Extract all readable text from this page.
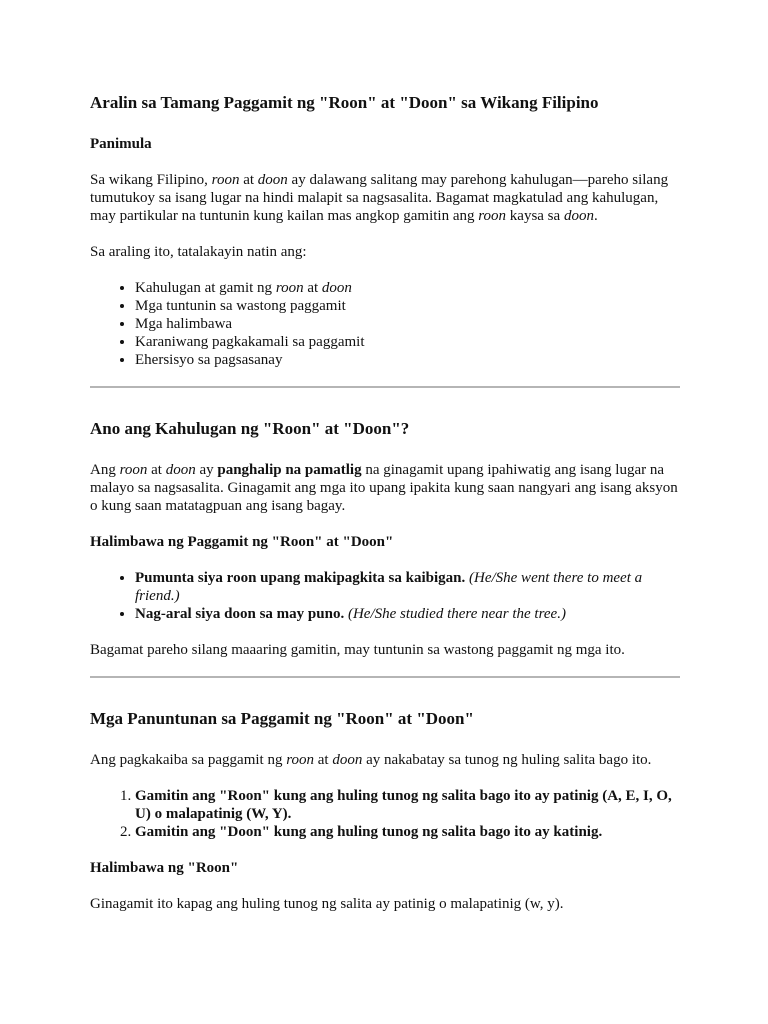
Aralin sa Tamang Paggamit ng "Roon" at "Doon" sa Wikang Filipino
Panimula

Sa wikang Filipino, roon at doon ay dalawang salitang may parehong kahulugan—pareho silang tumutukoy sa isang lugar na hindi malapit sa nagsasalita. Bagamat magkatulad ang kahulugan, may partikular na tuntunin kung kailan mas angkop gamitin ang roon kaysa sa doon.

Sa araling ito, tatalakayin natin ang:

• Kahulugan at gamit ng roon at doon
• Mga tuntunin sa wastong paggamit
• Mga halimbawa
• Karaniwang pagkakamali sa paggamit
• Ehersisyo sa pagsasanay
Ano ang Kahulugan ng "Roon" at "Doon"?

Ang roon at doon ay panghalip na pamatlig na ginagamit upang ipahiwatig ang isang lugar na malayo sa nagsasalita. Ginagamit ang mga ito upang ipakita kung saan nangyari ang isang aksyon o kung saan matatagpuan ang isang bagay.

Halimbawa ng Paggamit ng "Roon" at "Doon"
• Pumunta siya roon upang makipagkita sa kaibigan. (He/She went there to meet a friend.)
• Nag-aral siya doon sa may puno. (He/She studied there near the tree.)

Bagamat pareho silang maaaring gamitin, may tuntunin sa wastong paggamit ng mga ito.

Mga Panuntunan sa Paggamit ng "Roon" at "Doon"

Ang pagkakaiba sa paggamit ng roon at doon ay nakabatay sa tunog ng huling salita bago ito.

1. Gamitin ang "Roon" kung ang huling tunog ng salita bago ito ay patinig (A, E, I, O, U) o malapatinig (W, Y).
2. Gamitin ang "Doon" kung ang huling tunog ng salita bago ito ay katinig.
Halimbawa ng "Roon"

Ginagamit ito kapag ang huling tunog ng salita ay patinig o malapatinig (w, y).
